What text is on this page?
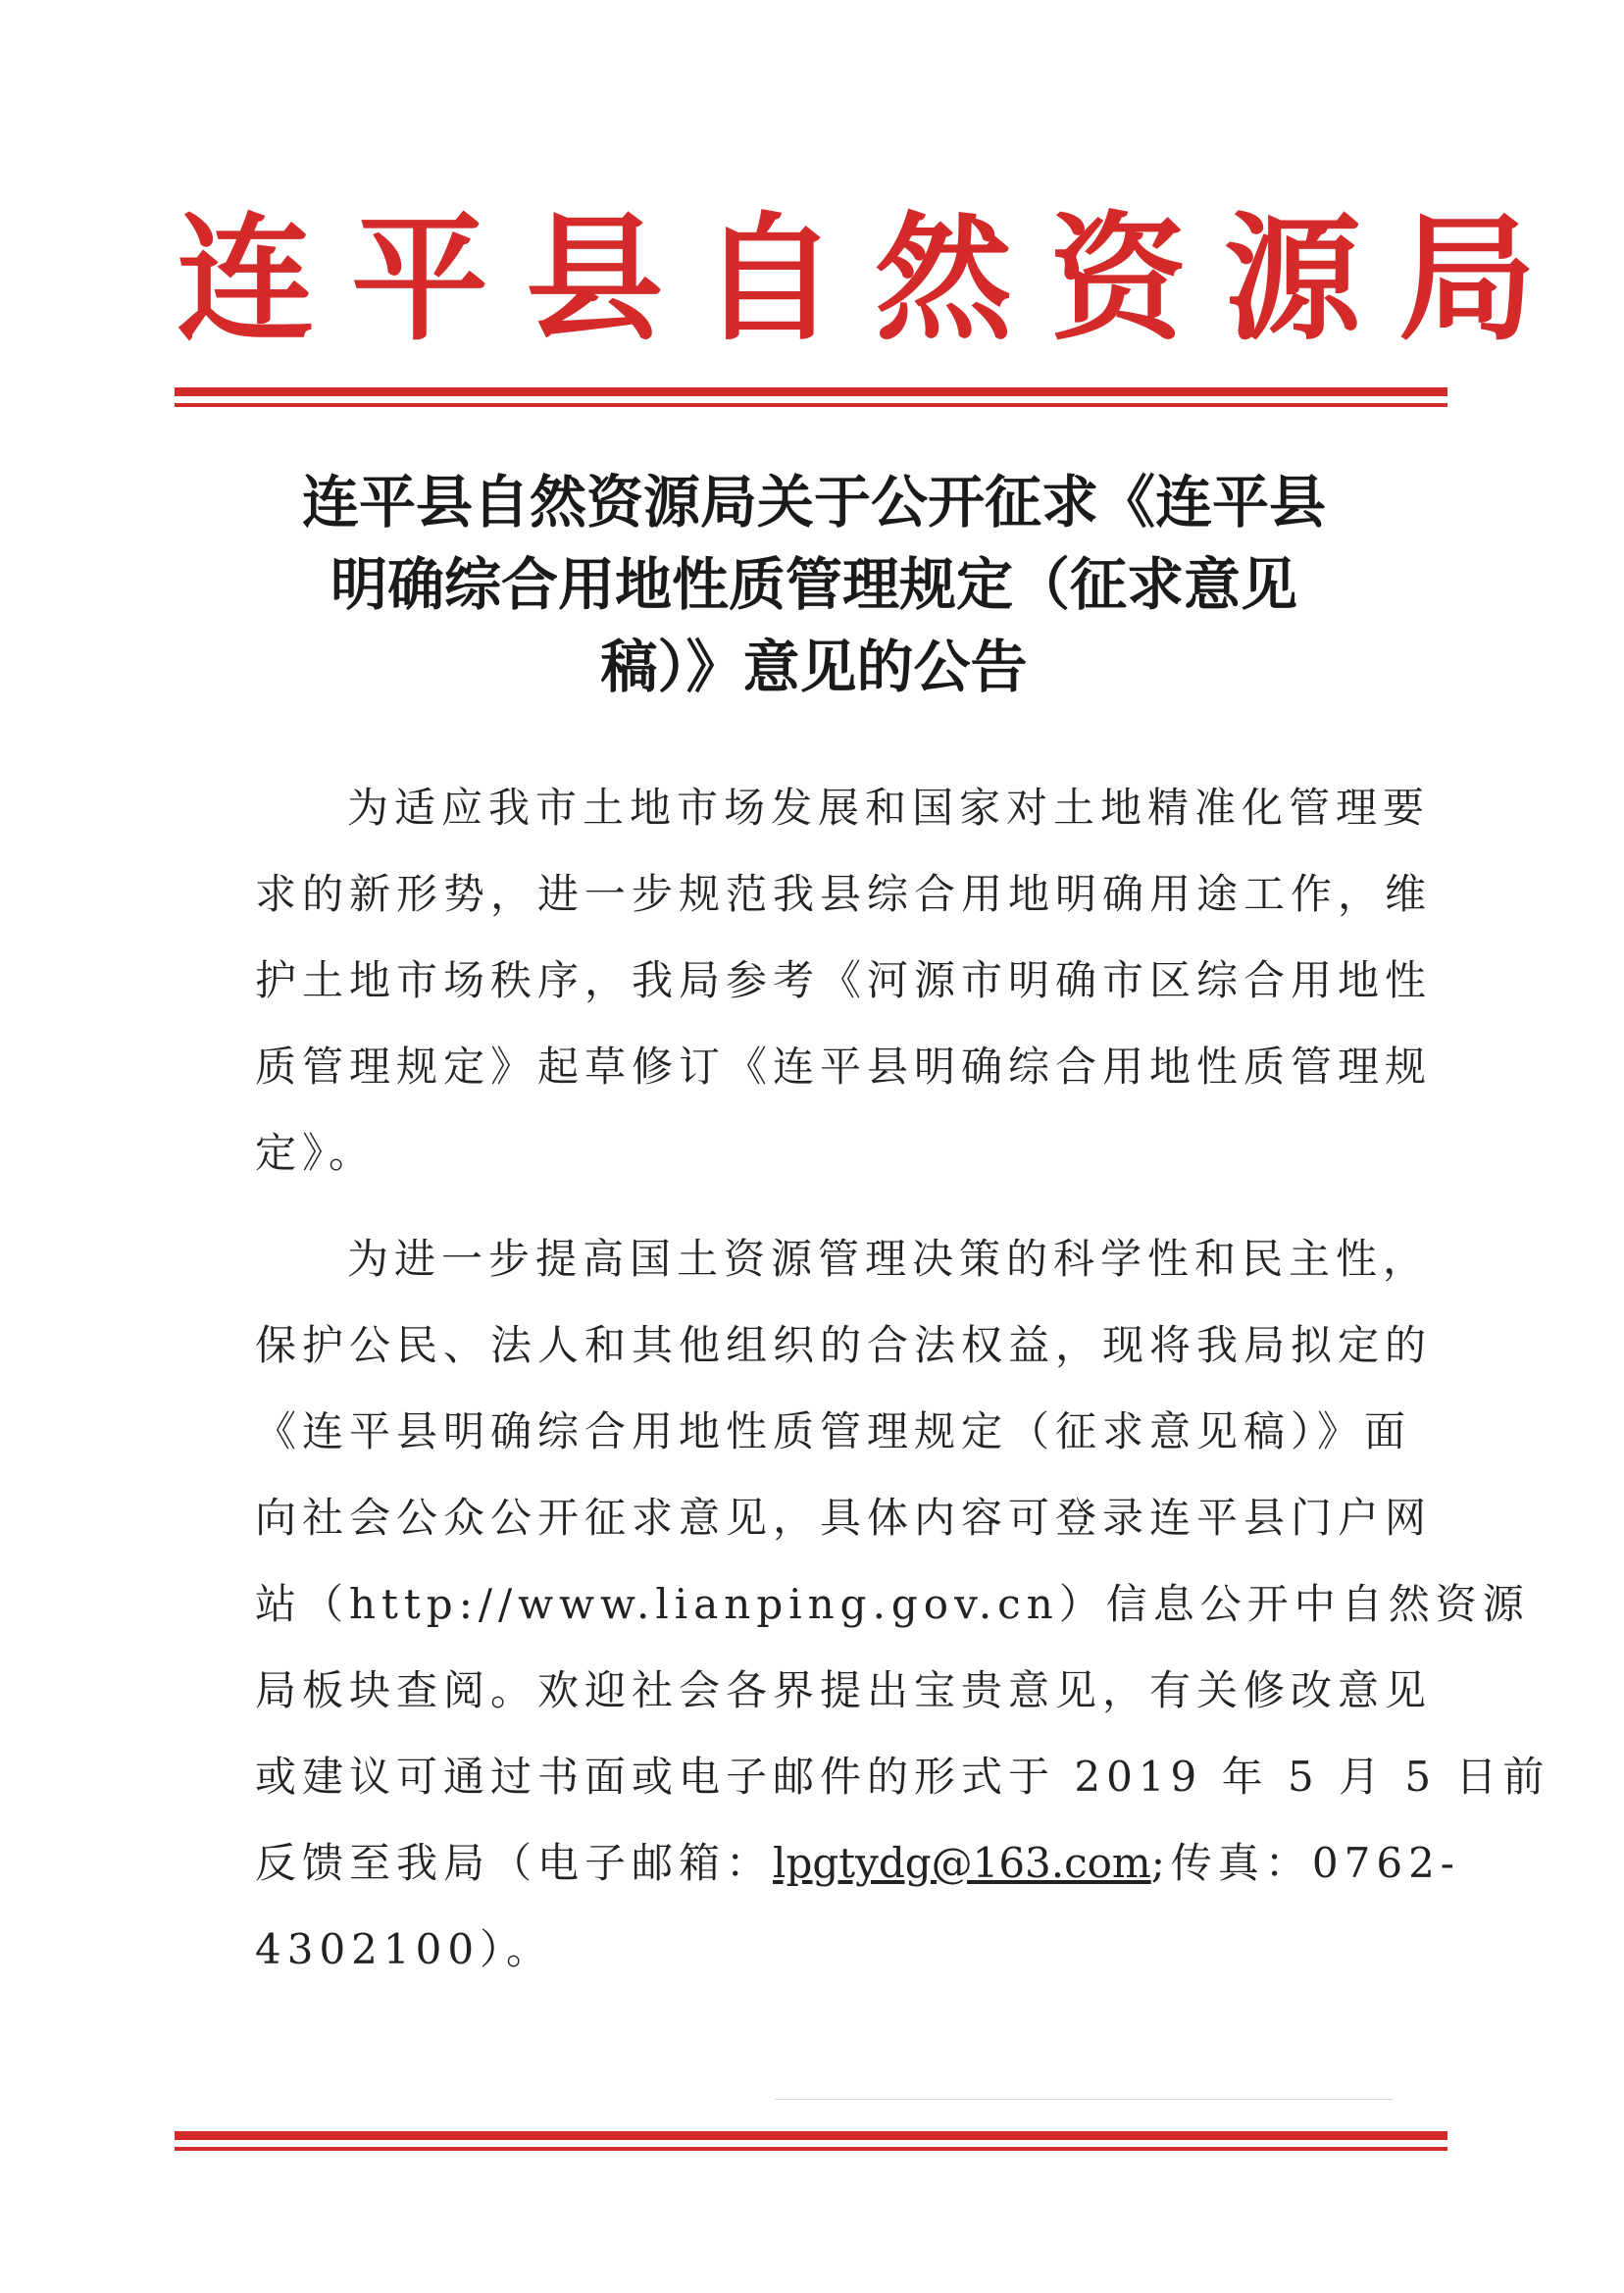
连平县自然资源局
连平县自然资源局关于公开征求《连平县
明确综合用地性质管理规定（征求意见
稿）》意见的公告
为适应我市土地市场发展和国家对土地精准化管理要
求的新形势，进一步规范我县综合用地明确用途工作，维
护土地市场秩序，我局参考《河源市明确市区综合用地性
质管理规定》起草修订《连平县明确综合用地性质管理规
定》。
为进一步提高国土资源管理决策的科学性和民主性，
保护公民、法人和其他组织的合法权益，现将我局拟定的
《连平县明确综合用地性质管理规定（征求意见稿）》面
向社会公众公开征求意见，具体内容可登录连平县门户网
站（http://www.lianping.gov.cn）信息公开中自然资源
局板块查阅。欢迎社会各界提出宝贵意见，有关修改意见
或建议可通过书面或电子邮件的形式于 2019 年 5 月 5 日前
反馈至我局（电子邮箱：lpgtydg@163.com;传真：0762-
4302100）。
